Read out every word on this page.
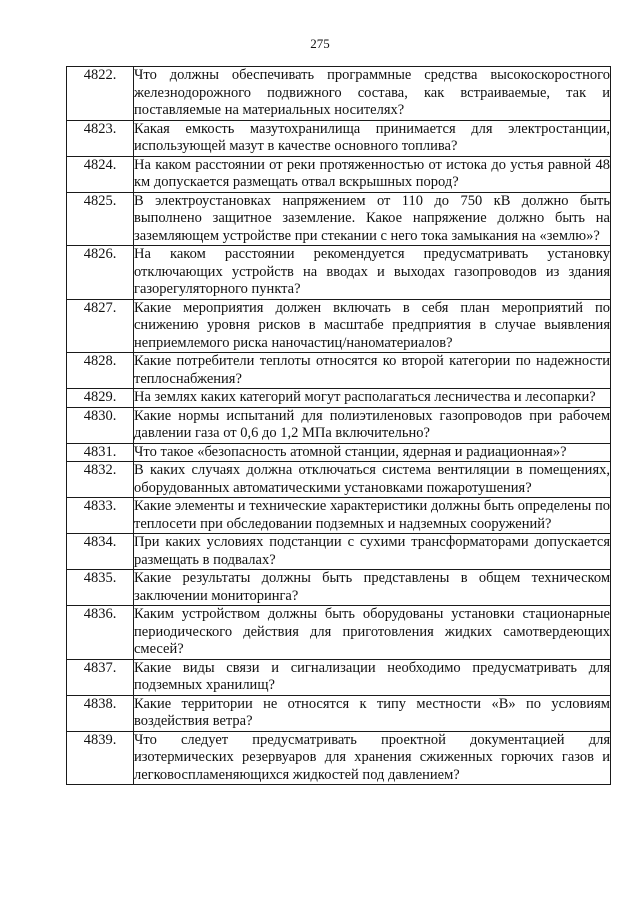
275
4822.	Что должны обеспечивать программные средства высокоскоростного железнодорожного подвижного состава, как встраиваемые, так и поставляемые на материальных носителях?
4823.	Какая емкость мазутохранилища принимается для электростанции, использующей мазут в качестве основного топлива?
4824.	На каком расстоянии от реки протяженностью от истока до устья равной 48 км допускается размещать отвал вскрышных пород?
4825.	В электроустановках напряжением от 110 до 750 кВ должно быть выполнено защитное заземление. Какое напряжение должно быть на заземляющем устройстве при стекании с него тока замыкания на «землю»?
4826.	На каком расстоянии рекомендуется предусматривать установку отключающих устройств на вводах и выходах газопроводов из здания газорегуляторного пункта?
4827.	Какие мероприятия должен включать в себя план мероприятий по снижению уровня рисков в масштабе предприятия в случае выявления неприемлемого риска наночастиц/наноматериалов?
4828.	Какие потребители теплоты относятся ко второй категории по надежности теплоснабжения?
4829.	На землях каких категорий могут располагаться лесничества и лесопарки?
4830.	Какие нормы испытаний для полиэтиленовых газопроводов при рабочем давлении газа от 0,6 до 1,2 МПа включительно?
4831.	Что такое «безопасность атомной станции, ядерная и радиационная»?
4832.	В каких случаях должна отключаться система вентиляции в помещениях, оборудованных автоматическими установками пожаротушения?
4833.	Какие элементы и технические характеристики должны быть определены по теплосети при обследовании подземных и надземных сооружений?
4834.	При каких условиях подстанции с сухими трансформаторами допускается размещать в подвалах?
4835.	Какие результаты должны быть представлены в общем техническом заключении мониторинга?
4836.	Каким устройством должны быть оборудованы установки стационарные периодического действия для приготовления жидких самотвердеющих смесей?
4837.	Какие виды связи и сигнализации необходимо предусматривать для подземных хранилищ?
4838.	Какие территории не относятся к типу местности «В» по условиям воздействия ветра?
4839.	Что следует предусматривать проектной документацией для изотермических резервуаров для хранения сжиженных горючих газов и легковоспламеняющихся жидкостей под давлением?
